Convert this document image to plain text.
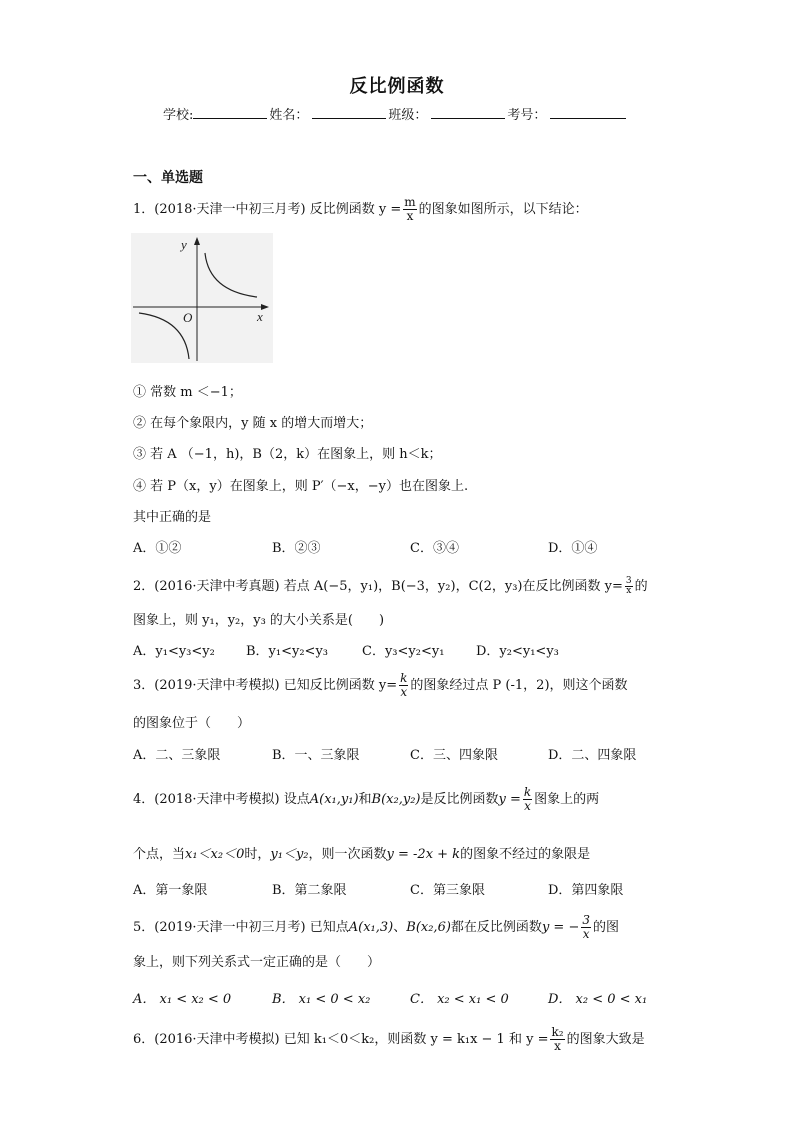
反比例函数
学校:	姓名：	班级：	考号：
一、单选题
1．(2018·天津一中初三月考) 反比例函数 $y = \frac{m}{x}$ 的图象如图所示，以下结论：
y
x
O
① 常数 m ＜−1；
② 在每个象限内，y 随 x 的增大而增大；
③ 若 A （−1，h)，B（2，k）在图象上，则 h＜k；
④ 若 P（x，y）在图象上，则 P′（−x，−y）也在图象上.
其中正确的是
A．①②	B．②③	C．③④	D．①④
2．(2016·天津中考真题) 若点 A(−5，y₁)，B(−3，y₂)，C(2，y₃)在反比例函数 $y= \frac{3}{x}$ 的
图象上，则 y₁，y₂，y₃ 的大小关系是(　　)
A．y₁<y₃<y₂ B．y₁<y₂<y₃	C．y₃<y₂<y₁ D．y₂<y₁<y₃
3．(2019·天津中考模拟) 已知反比例函数 $y= \frac{k}{x}$ 的图象经过点 P (-1，2)，则这个函数
的图象位于（　　）
A．二、三象限	B．一、三象限	C．三、四象限	D．二、四象限
4．(2018·天津中考模拟) 设点A(x₁,y₁)和B(x₂,y₂)是反比例函数$y = \frac{k}{x}$ 图象上的两
个点，当x₁＜x₂＜0时，y₁＜y₂，则一次函数y = -2x + k的图象不经过的象限是
A．第一象限	B．第二象限	C．第三象限	D．第四象限
5．(2019·天津一中初三月考) 已知点A(x₁,3)、B(x₂,6)都在反比例函数y = − $\frac{3}{x}$ 的图
象上，则下列关系式一定正确的是（　　）
A． x₁ < x₂ < 0	B． x₁ < 0 < x₂	C． x₂ < x₁ < 0	D． x₂ < 0 < x₁
6．(2016·天津中考模拟) 已知 k₁＜0＜k₂，则函数 y = k₁x − 1 和 $y = \frac{\text{k₂}}{x}$ 的图象大致是
